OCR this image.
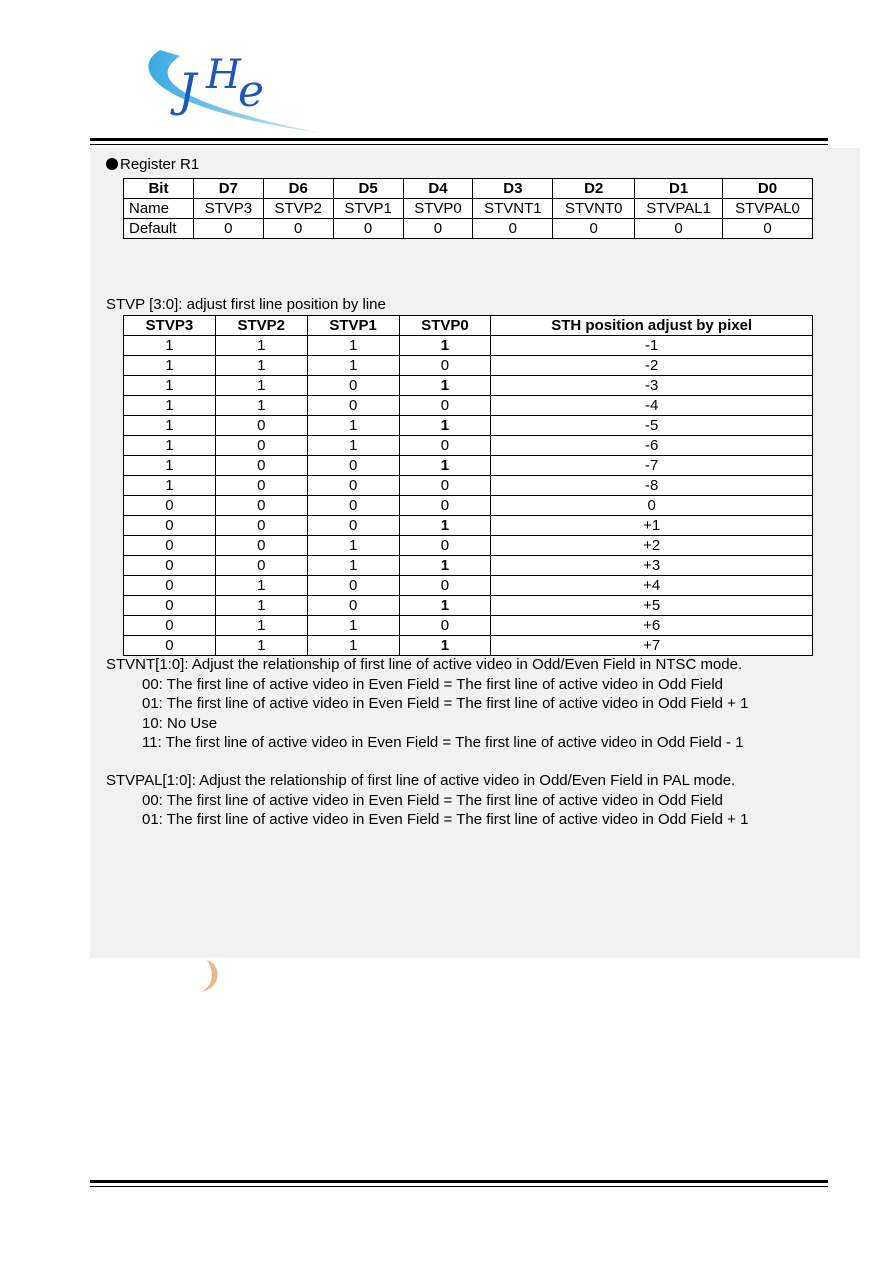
J H
e
Register R1
Bit	D7	D6	D5	D4	D3	D2	D1	D0
Name	STVP3	STVP2	STVP1	STVP0	STVNT1	STVNT0	STVPAL1	STVPAL0
Default	0	0	0	0	0	0	0	0
STVP [3:0]: adjust first line position by line
STVP3	STVP2	STVP1	STVP0	STH position adjust by pixel
1	1	1	1	-1
1	1	1	0	-2
1	1	0	1	-3
1	1	0	0	-4
1	0	1	1	-5
1	0	1	0	-6
1	0	0	1	-7
1	0	0	0	-8
0	0	0	0	0
0	0	0	1	+1
0	0	1	0	+2
0	0	1	1	+3
0	1	0	0	+4
0	1	0	1	+5
0	1	1	0	+6
0	1	1	1	+7
STVNT[1:0]: Adjust the relationship of first line of active video in Odd/Even Field in NTSC mode.
00: The first line of active video in Even Field = The first line of active video in Odd Field
01: The first line of active video in Even Field = The first line of active video in Odd Field + 1
10: No Use
11: The first line of active video in Even Field = The first line of active video in Odd Field - 1
STVPAL[1:0]: Adjust the relationship of first line of active video in Odd/Even Field in PAL mode.
00: The first line of active video in Even Field = The first line of active video in Odd Field
01: The first line of active video in Even Field = The first line of active video in Odd Field + 1
